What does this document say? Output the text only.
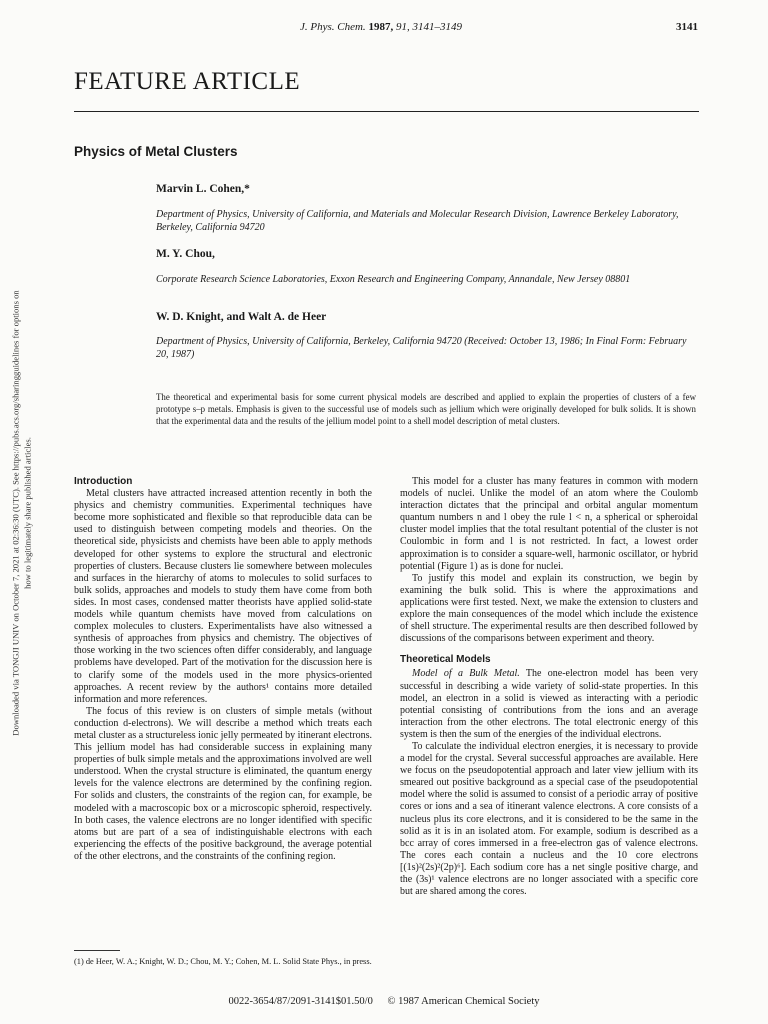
J. Phys. Chem. 1987, 91, 3141–3149	3141
FEATURE ARTICLE
Physics of Metal Clusters
Marvin L. Cohen,*
Department of Physics, University of California, and Materials and Molecular Research Division, Lawrence Berkeley Laboratory, Berkeley, California 94720
M. Y. Chou,
Corporate Research Science Laboratories, Exxon Research and Engineering Company, Annandale, New Jersey 08801
W. D. Knight, and Walt A. de Heer
Department of Physics, University of California, Berkeley, California 94720 (Received: October 13, 1986; In Final Form: February 20, 1987)
The theoretical and experimental basis for some current physical models are described and applied to explain the properties of clusters of a few prototype s–p metals. Emphasis is given to the successful use of models such as jellium which were originally developed for bulk solids. It is shown that the experimental data and the results of the jellium model point to a shell model description of metal clusters.
Introduction

Metal clusters have attracted increased attention recently in both the physics and chemistry communities. Experimental techniques have become more sophisticated and flexible so that reproducible data can be used to distinguish between competing models and theories. On the theoretical side, physicists and chemists have been able to apply methods developed for other systems to explore the structural and electronic properties of clusters. Because clusters lie somewhere between molecules and surfaces in the hierarchy of atoms to molecules to solid surfaces to bulk solids, approaches and models to study them have come from both sides. In most cases, condensed matter theorists have applied solid-state models while quantum chemists have moved from calculations on complex molecules to clusters. Experimentalists have also witnessed a synthesis of approaches from physics and chemistry. The objectives of those working in the two sciences often differ considerably, and language problems have developed. Part of the motivation for the discussion here is to clarify some of the models used in the more physics-oriented approaches. A recent review by the authors¹ contains more detailed information and more references.

The focus of this review is on clusters of simple metals (without conduction d-electrons). We will describe a method which treats each metal cluster as a structureless ionic jelly permeated by itinerant electrons. This jellium model has had considerable success in explaining many properties of bulk simple metals and the approximations involved are well understood. When the crystal structure is eliminated, the quantum energy levels for the valence electrons are determined by the confining region. For solids and clusters, the constraints of the region can, for example, be modeled with a macroscopic box or a microscopic spheroid, respectively. In both cases, the valence electrons are no longer identified with specific atoms but are part of a sea of indistinguishable electrons with each experiencing the effects of the positive background, the average potential of the other electrons, and the constraints of the confining region.

(1) de Heer, W. A.; Knight, W. D.; Chou, M. Y.; Cohen, M. L. Solid State Phys., in press.

This model for a cluster has many features in common with modern models of nuclei. Unlike the model of an atom where the Coulomb interaction dictates that the principal and orbital angular momentum quantum numbers n and l obey the rule l < n, a spherical or spheroidal cluster model implies that the total resultant potential of the cluster is not Coulombic in form and l is not restricted. In fact, a lowest order approximation is to consider a square-well, harmonic oscillator, or hybrid potential (Figure 1) as is done for nuclei.

To justify this model and explain its construction, we begin by examining the bulk solid. This is where the approximations and applications were first tested. Next, we make the extension to clusters and explore the main consequences of the model which include the existence of shell structure. The experimental results are then described followed by discussions of the comparisons between experiment and theory.

Theoretical Models

Model of a Bulk Metal. The one-electron model has been very successful in describing a wide variety of solid-state properties. In this model, an electron in a solid is viewed as interacting with a periodic potential consisting of contributions from the ions and an average interaction from the other electrons. The total electronic energy of this system is then the sum of the energies of the individual electrons.

To calculate the individual electron energies, it is necessary to provide a model for the crystal. Several successful approaches are available. Here we focus on the pseudopotential approach and later view jellium with its smeared out positive background as a special case of the pseudopotential model where the solid is assumed to consist of a periodic array of positive cores or ions and a sea of itinerant valence electrons. A core consists of a nucleus plus its core electrons, and it is considered to be the same in the solid as it is in an isolated atom. For example, sodium is described as a bcc array of cores immersed in a free-electron gas of valence electrons. The cores each contain a nucleus and the 10 core electrons [(1s)²(2s)²(2p)⁶]. Each sodium core has a net single positive charge, and the (3s)¹ valence electrons are no longer associated with a specific core but are shared among the cores.

0022-3654/87/2091-3141$01.50/0 © 1987 American Chemical Society
Downloaded via TONGJI UNIV on October 7, 2021 at 02:36:30 (UTC). See https://pubs.acs.org/sharingguidelines for options on how to legitimately share published articles.
